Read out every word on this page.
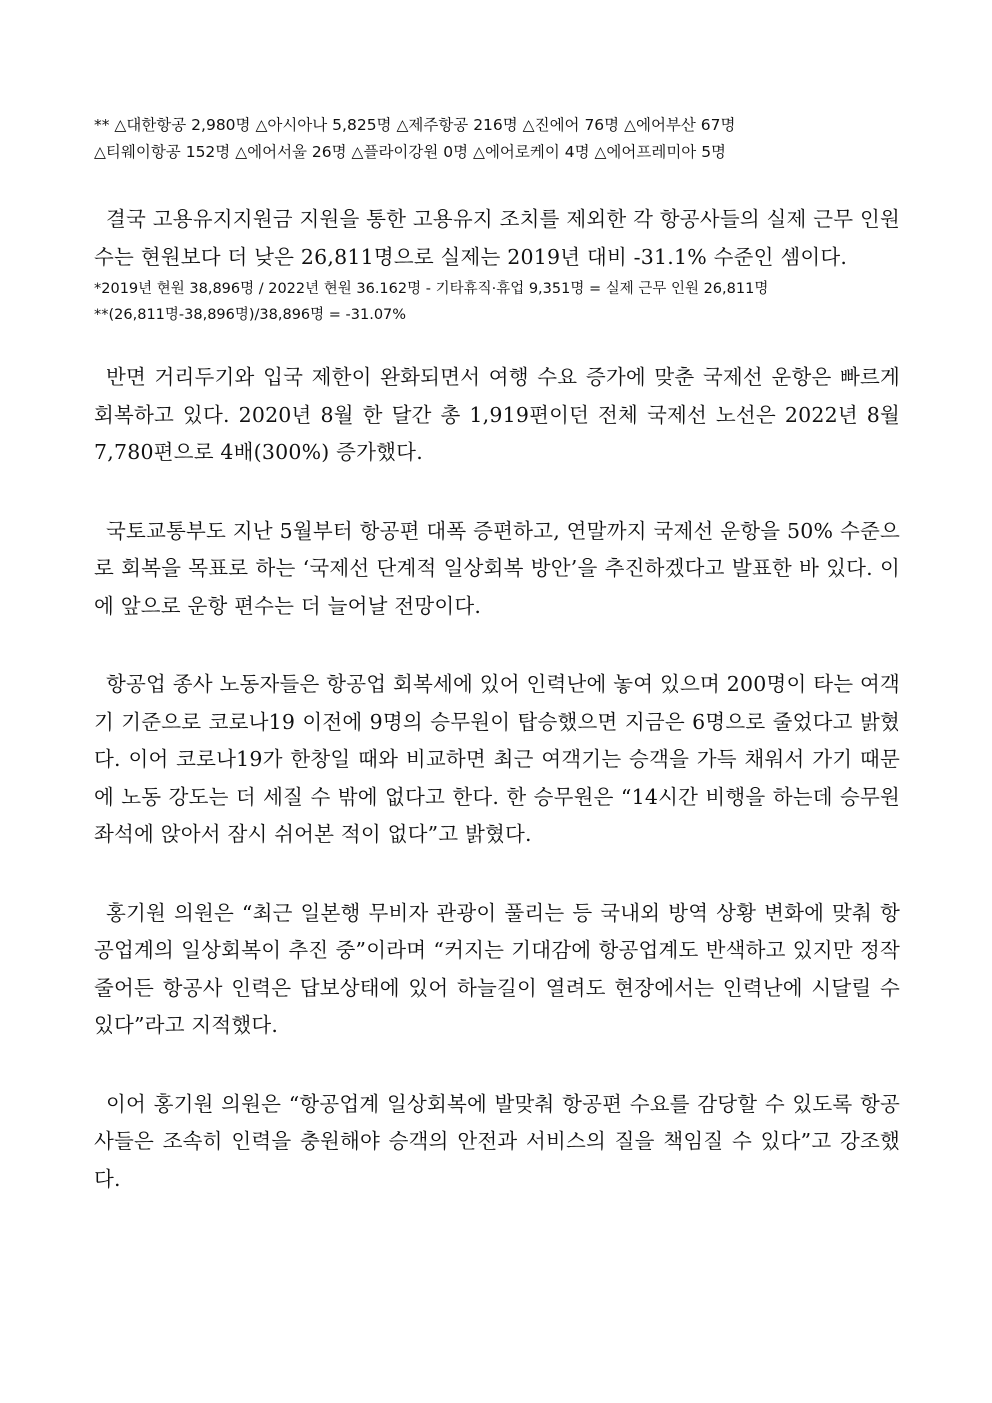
** △대한항공 2,980명 △아시아나 5,825명 △제주항공 216명 △진에어 76명 △에어부산 67명

△티웨이항공 152명 △에어서울 26명 △플라이강원 0명 △에어로케이 4명 △에어프레미아 5명

결국 고용유지지원금 지원을 통한 고용유지 조치를 제외한 각 항공사들의 실제 근무 인원수는 현원보다 더 낮은 26,811명으로 실제는 2019년 대비 -31.1% 수준인 셈이다.

*2019년 현원 38,896명 / 2022년 현원 36.162명 - 기타휴직·휴업 9,351명 = 실제 근무 인원 26,811명

**(26,811명-38,896명)/38,896명 = -31.07%

반면 거리두기와 입국 제한이 완화되면서 여행 수요 증가에 맞춘 국제선 운항은 빠르게 회복하고 있다. 2020년 8월 한 달간 총 1,919편이던 전체 국제선 노선은 2022년 8월 7,780편으로 4배(300%) 증가했다.

국토교통부도 지난 5월부터 항공편 대폭 증편하고, 연말까지 국제선 운항을 50% 수준으로 회복을 목표로 하는 ‘국제선 단계적 일상회복 방안’을 추진하겠다고 발표한 바 있다. 이에 앞으로 운항 편수는 더 늘어날 전망이다.

항공업 종사 노동자들은 항공업 회복세에 있어 인력난에 놓여 있으며 200명이 타는 여객기 기준으로 코로나19 이전에 9명의 승무원이 탑승했으면 지금은 6명으로 줄었다고 밝혔다. 이어 코로나19가 한창일 때와 비교하면 최근 여객기는 승객을 가득 채워서 가기 때문에 노동 강도는 더 세질 수 밖에 없다고 한다. 한 승무원은 “14시간 비행을 하는데 승무원 좌석에 앉아서 잠시 쉬어본 적이 없다”고 밝혔다.

홍기원 의원은 “최근 일본행 무비자 관광이 풀리는 등 국내외 방역 상황 변화에 맞춰 항공업계의 일상회복이 추진 중”이라며 “커지는 기대감에 항공업계도 반색하고 있지만 정작 줄어든 항공사 인력은 답보상태에 있어 하늘길이 열려도 현장에서는 인력난에 시달릴 수 있다”라고 지적했다.

이어 홍기원 의원은 “항공업계 일상회복에 발맞춰 항공편 수요를 감당할 수 있도록 항공사들은 조속히 인력을 충원해야 승객의 안전과 서비스의 질을 책임질 수 있다”고 강조했다.
